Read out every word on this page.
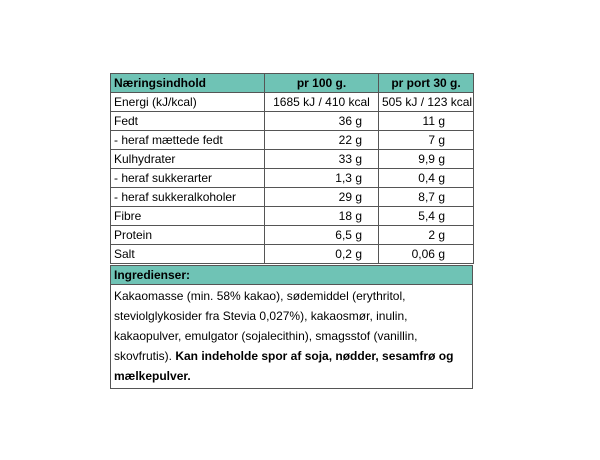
Næringsindhold	pr 100 g.	pr port 30 g.
Energi (kJ/kcal)	1685 kJ / 410 kcal	505 kJ / 123 kcal
Fedt	36 g	11 g
- heraf mættede fedt	22 g	7 g
Kulhydrater	33 g	9,9 g
- heraf sukkerarter	1,3 g	0,4 g
- heraf sukkeralkoholer	29 g	8,7 g
Fibre	18 g	5,4 g
Protein	6,5 g	2 g
Salt	0,2 g	0,06 g
Ingredienser:
Kakaomasse (min. 58% kakao), sødemiddel (erythritol, steviolglykosider fra Stevia 0,027%), kakaosmør, inulin, kakaopulver, emulgator (sojalecithin), smagsstof (vanillin, skovfrutis). Kan indeholde spor af soja, nødder, sesamfrø og mælkepulver.
